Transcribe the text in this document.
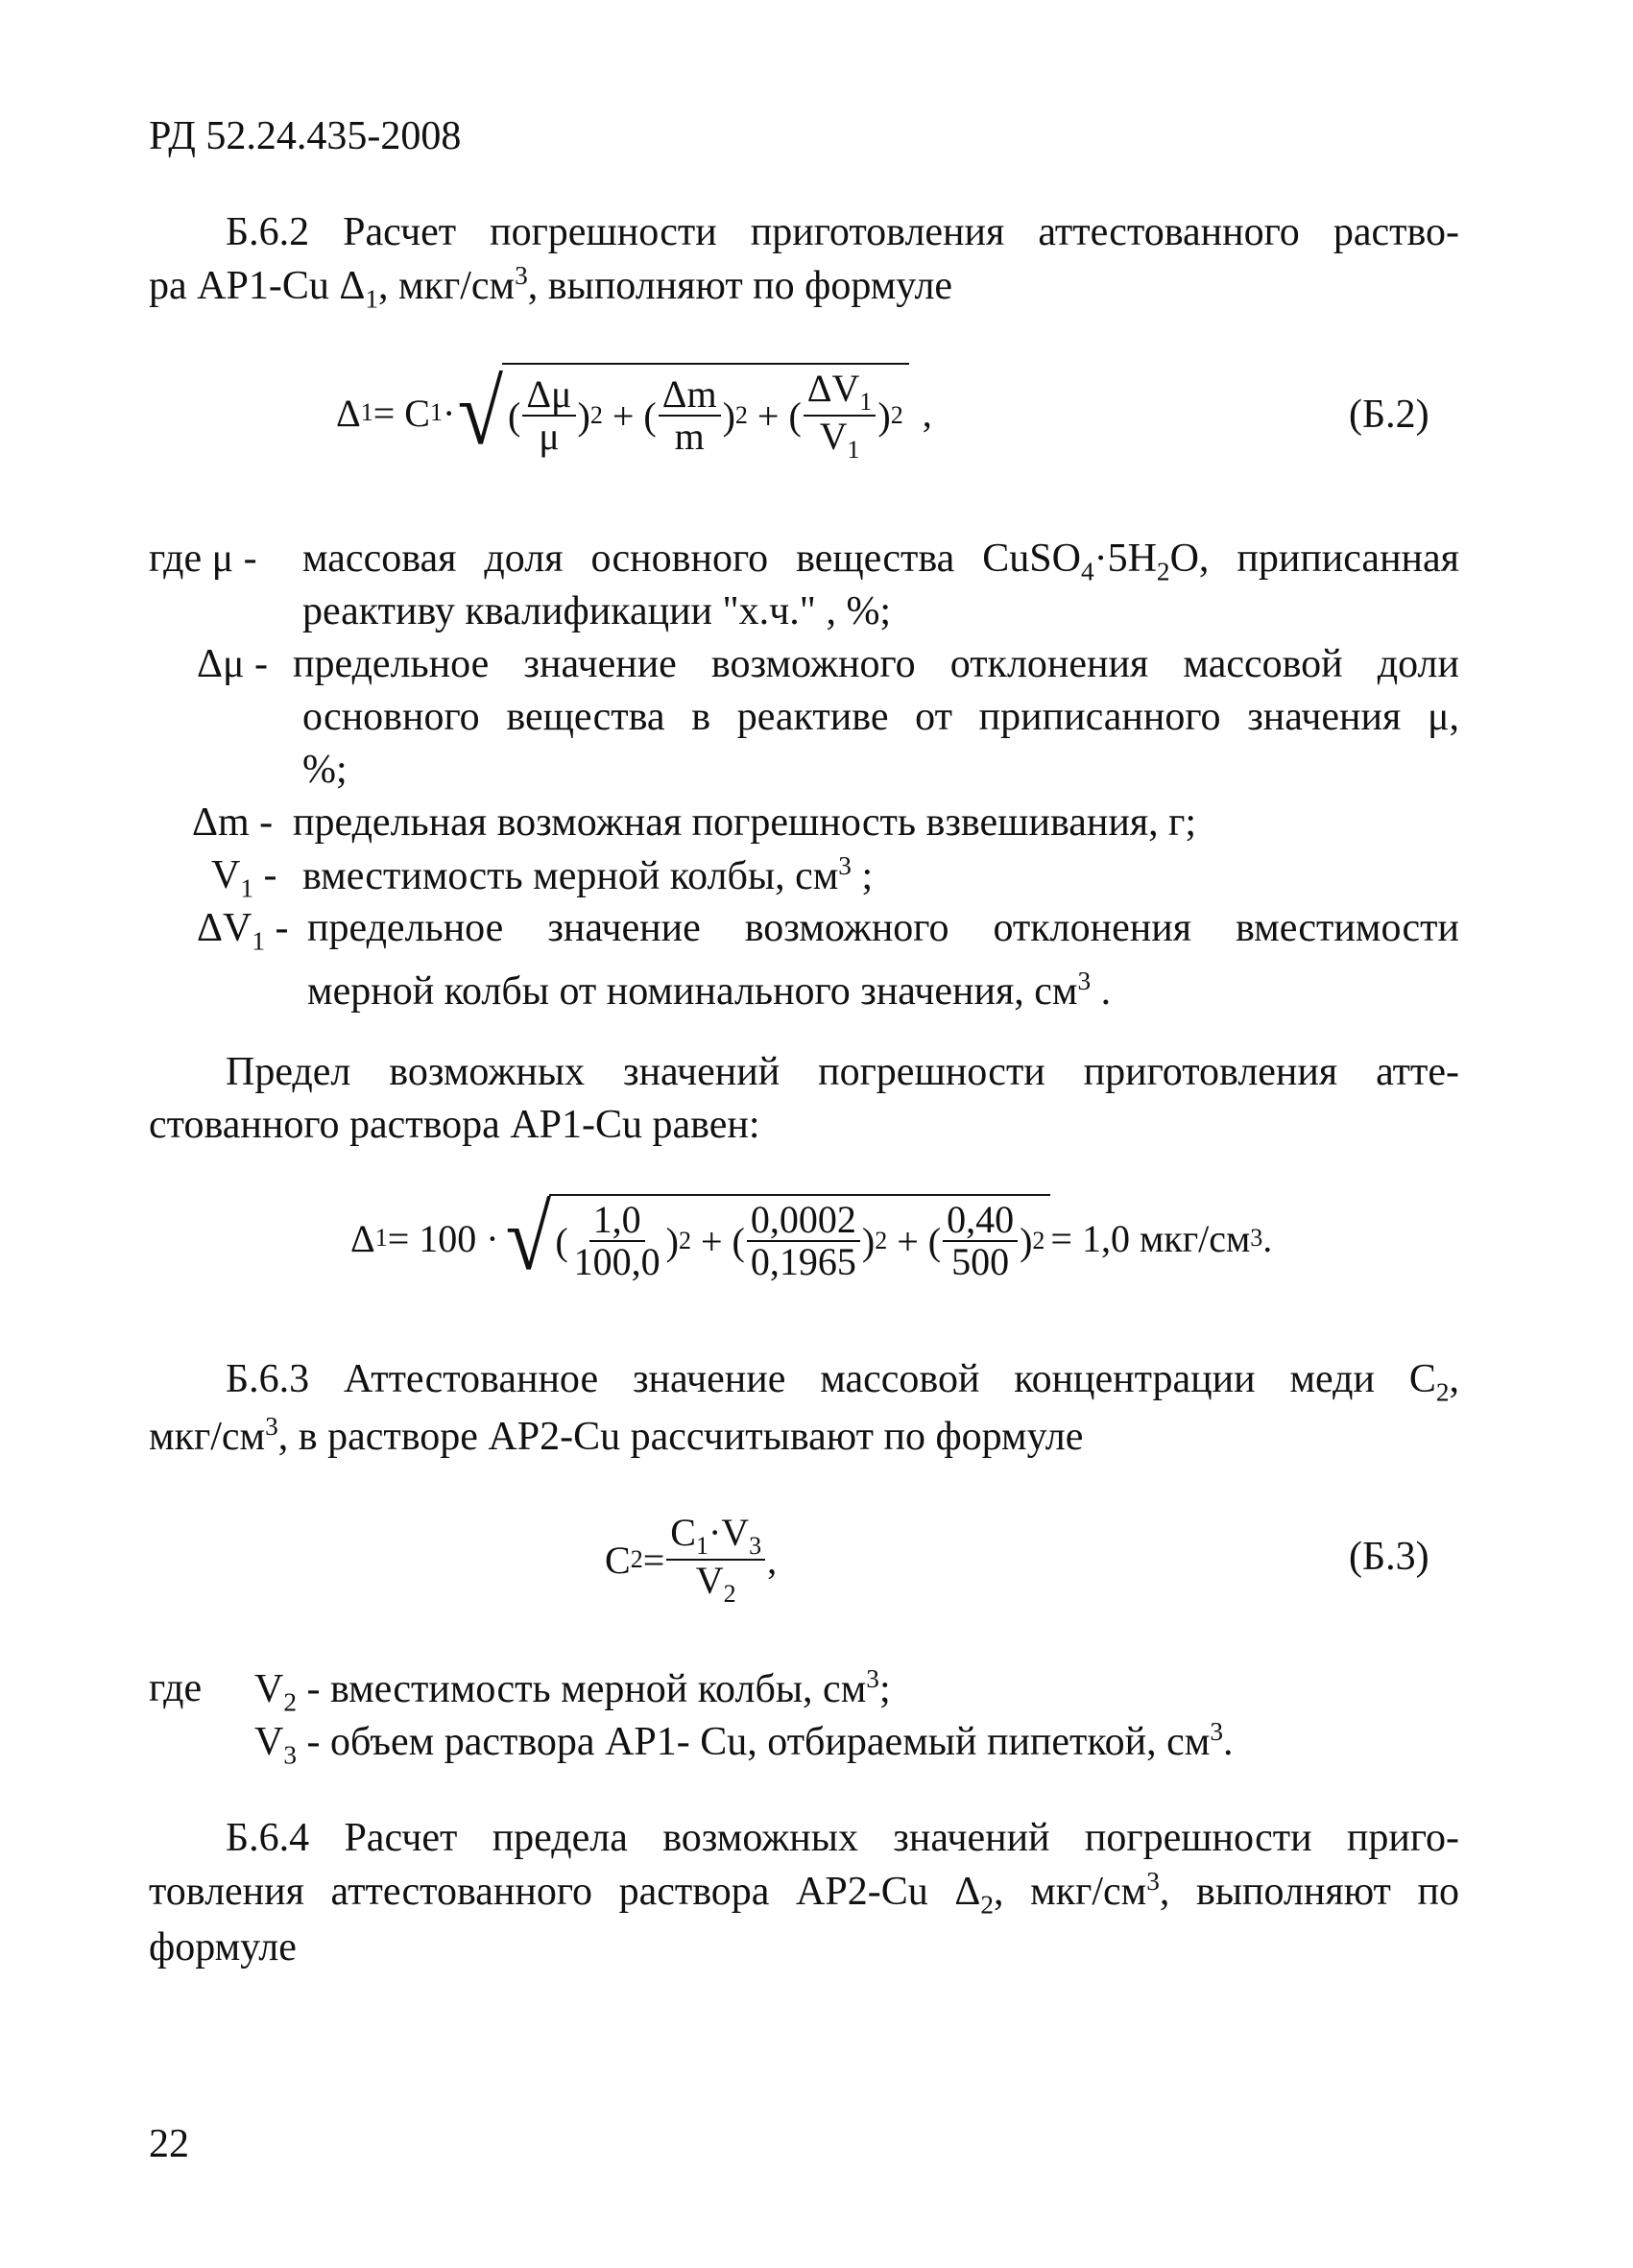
РД 52.24.435-2008
Б.6.2 Расчет погрешности приготовления аттестованного раство-
ра АР1-Cu $\Delta_1$, мкг/$см^3$, выполняют по формуле
Δ 1 = C 1 · √ ( $\frac{\Delta\mu}{\mu}$ ) 2 + ( $\frac{\Delta m}{m}$ ) 2 + ( $\frac{\Delta V_1}{V_1}$ ) 2 ,	(Б.2)
где μ - массовая доля основного вещества $CuSO_4\cdot 5H_2O$, приписанная
реактиву квалификации "х.ч." , %;
Δμ - предельное значение возможного отклонения массовой доли
основного вещества в реактиве от приписанного значения μ,
%;
Δm - предельная возможная погрешность взвешивания, г;
$V_1$ - вместимость мерной колбы, $см^3$ ;
$\Delta V_1$ - предельное значение возможного отклонения вместимости
мерной колбы от номинального значения, $см^3$ .
Предел возможных значений погрешности приготовления атте-
стованного раствора АР1-Cu равен:
Δ 1 = 100 · √ ( $\frac{1,0}{100,0}$ ) 2 + ( $\frac{0,0002}{0,1965}$ ) 2 + ( $\frac{0,40}{500}$ ) 2 = 1,0 мкг/см 3 .
Б.6.3 Аттестованное значение массовой концентрации меди $C_2$,
мкг/$см^3$, в растворе АР2-Cu рассчитывают по формуле
C $2 = \frac{C_1\cdot V_3}{V_2}$ ,	(Б.3)
где $V_2$ - вместимость мерной колбы, $см^3$;
$V_3$ - объем раствора АР1- Cu, отбираемый пипеткой, $см^3$.
Б.6.4 Расчет предела возможных значений погрешности приго-
товления аттестованного раствора АР2-Cu $\Delta_2$, мкг/$см^3$, выполняют по
формуле
22
